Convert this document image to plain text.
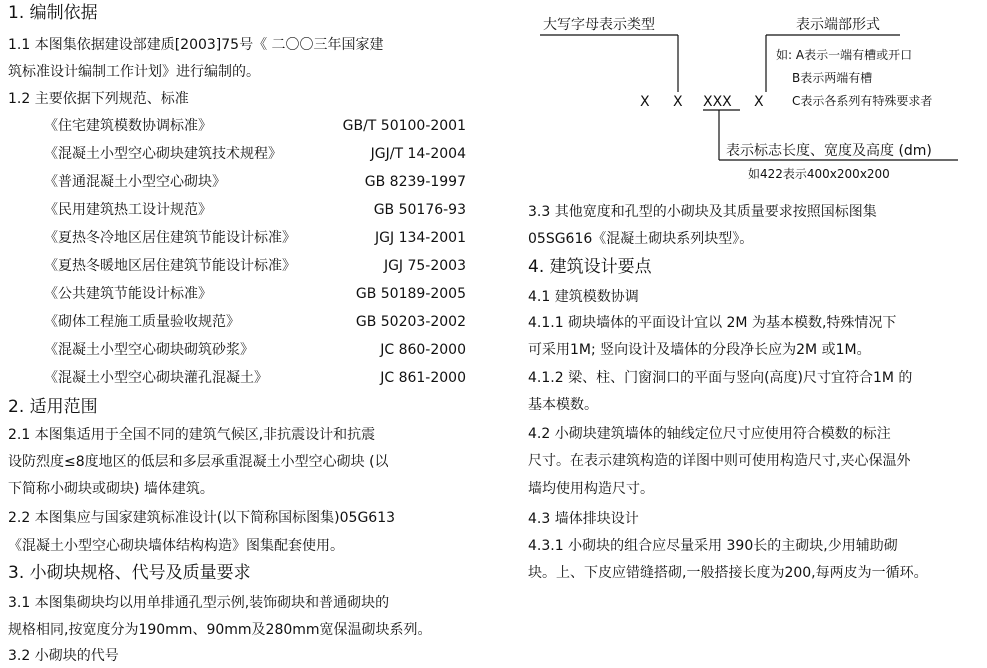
1. 编制依据
1.1 本图集依据建设部建质[2003]75号《 二〇〇三年国家建
筑标准设计编制工作计划》进行编制的。
1.2 主要依据下列规范、标准
《住宅建筑模数协调标准》	GB/T 50100-2001
《混凝土小型空心砌块建筑技术规程》	JGJ/T 14-2004
《普通混凝土小型空心砌块》	GB 8239-1997
《民用建筑热工设计规范》	GB 50176-93
《夏热冬冷地区居住建筑节能设计标准》	JGJ 134-2001
《夏热冬暖地区居住建筑节能设计标准》	JGJ 75-2003
《公共建筑节能设计标准》	GB 50189-2005
《砌体工程施工质量验收规范》	GB 50203-2002
《混凝土小型空心砌块砌筑砂浆》	JC 860-2000
《混凝土小型空心砌块灌孔混凝土》	JC 861-2000
2. 适用范围
2.1 本图集适用于全国不同的建筑气候区,非抗震设计和抗震
设防烈度≤8度地区的低层和多层承重混凝土小型空心砌块 (以
下简称小砌块或砌块) 墙体建筑。
2.2 本图集应与国家建筑标准设计(以下简称国标图集)05G613
《混凝土小型空心砌块墙体结构构造》图集配套使用。
3. 小砌块规格、代号及质量要求
3.1 本图集砌块均以用单排通孔型示例,装饰砌块和普通砌块的
规格相同,按宽度分为190mm、90mm及280mm宽保温砌块系列。
3.2 小砌块的代号
大写字母表示类型	表示端部形式
如: A表示一端有槽或开口
B表示两端有槽
C表示各系列有特殊要求者
X X XXX X
表示标志长度、宽度及高度 (dm)
如422表示400x200x200
3.3 其他宽度和孔型的小砌块及其质量要求按照国标图集
05SG616《混凝土砌块系列块型》。
4. 建筑设计要点
4.1 建筑模数协调
4.1.1 砌块墙体的平面设计宜以 2M 为基本模数,特殊情况下
可采用1M; 竖向设计及墙体的分段净长应为2M 或1M。
4.1.2 梁、柱、门窗洞口的平面与竖向(高度)尺寸宜符合1M 的
基本模数。
4.2 小砌块建筑墙体的轴线定位尺寸应使用符合模数的标注
尺寸。在表示建筑构造的详图中则可使用构造尺寸,夹心保温外
墙均使用构造尺寸。
4.3 墙体排块设计
4.3.1 小砌块的组合应尽量采用 390长的主砌块,少用辅助砌
块。上、下皮应错缝搭砌,一般搭接长度为200,每两皮为一循环。
